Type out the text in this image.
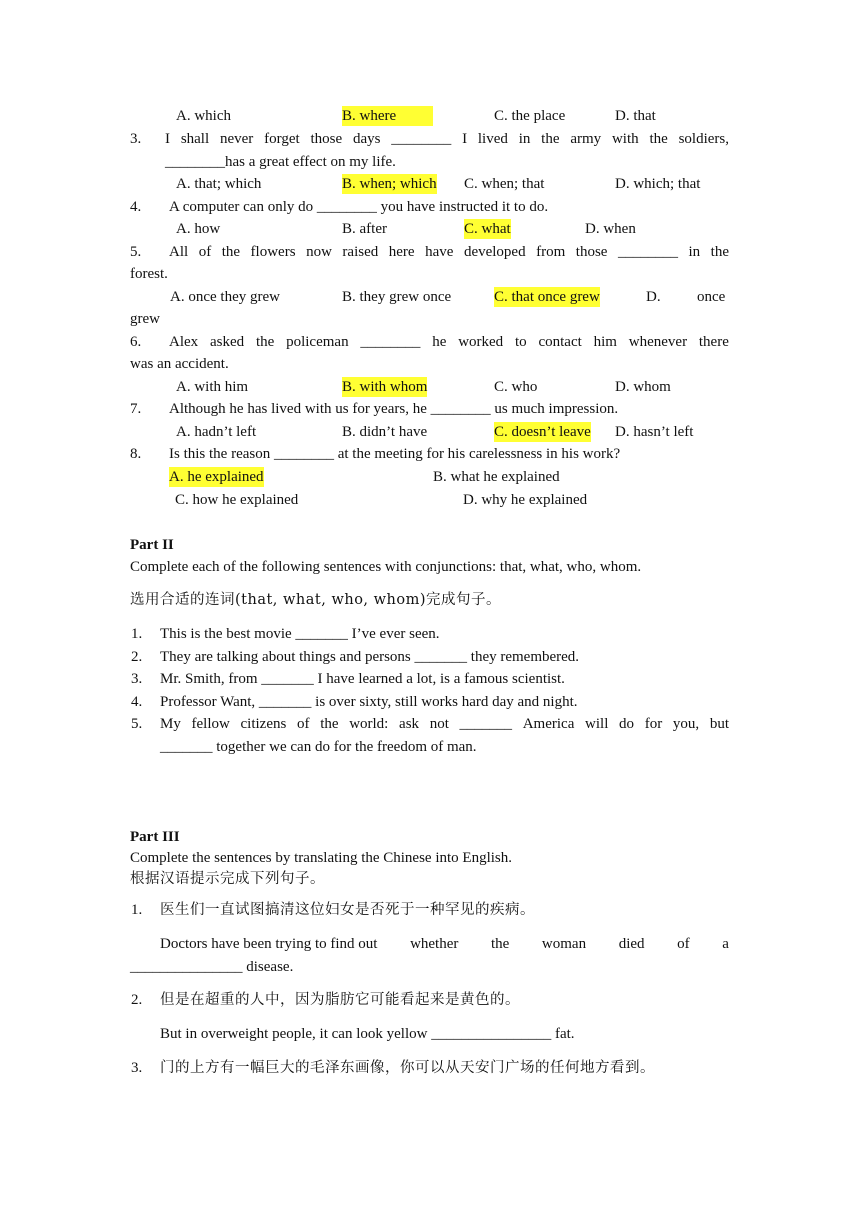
A. which	B. where	C. the place	D. that
3. I shall never forget those days ________ I lived in the army with the soldiers,
________has a great effect on my life.
A. that; which	B. when; which C. when; that	D. which; that
4. A computer can only do ________ you have instructed it to do.
A. how	B. after	C. what	D. when
5. All of the flowers now raised here have developed from those ________ in the
forest.
A. once they grew	B. they grew once	C. that once grew	D. once
grew
6. Alex asked the policeman ________ he worked to contact him whenever there
was an accident.
A. with him	B. with whom	C. who	D. whom
7. Although he has lived with us for years, he ________ us much impression.
A. hadn’t left	B. didn’t have	C. doesn’t leave D. hasn’t left
8. Is this the reason ________ at the meeting for his carelessness in his work?
A. he explained	B. what he explained
C. how he explained	D. why he explained
Part II
Complete each of the following sentences with conjunctions: that, what, who, whom.
选用合适的连词(that, what, who, whom)完成句子。
1. This is the best movie _______ I’ve ever seen.
2. They are talking about things and persons _______ they remembered.
3. Mr. Smith, from _______ I have learned a lot, is a famous scientist.
4. Professor Want, _______ is over sixty, still works hard day and night.
5. My fellow citizens of the world: ask not _______ America will do for you, but
_______ together we can do for the freedom of man.
Part III
Complete the sentences by translating the Chinese into English.
根据汉语提示完成下列句子。
1. 医生们一直试图搞清这位妇女是否死于一种罕见的疾病。
Doctors have been trying to find out whether the woman died of a
_______________ disease.
2. 但是在超重的人中，因为脂肪它可能看起来是黄色的。
But in overweight people, it can look yellow ________________ fat.
3. 门的上方有一幅巨大的毛泽东画像，你可以从天安门广场的任何地方看到。
